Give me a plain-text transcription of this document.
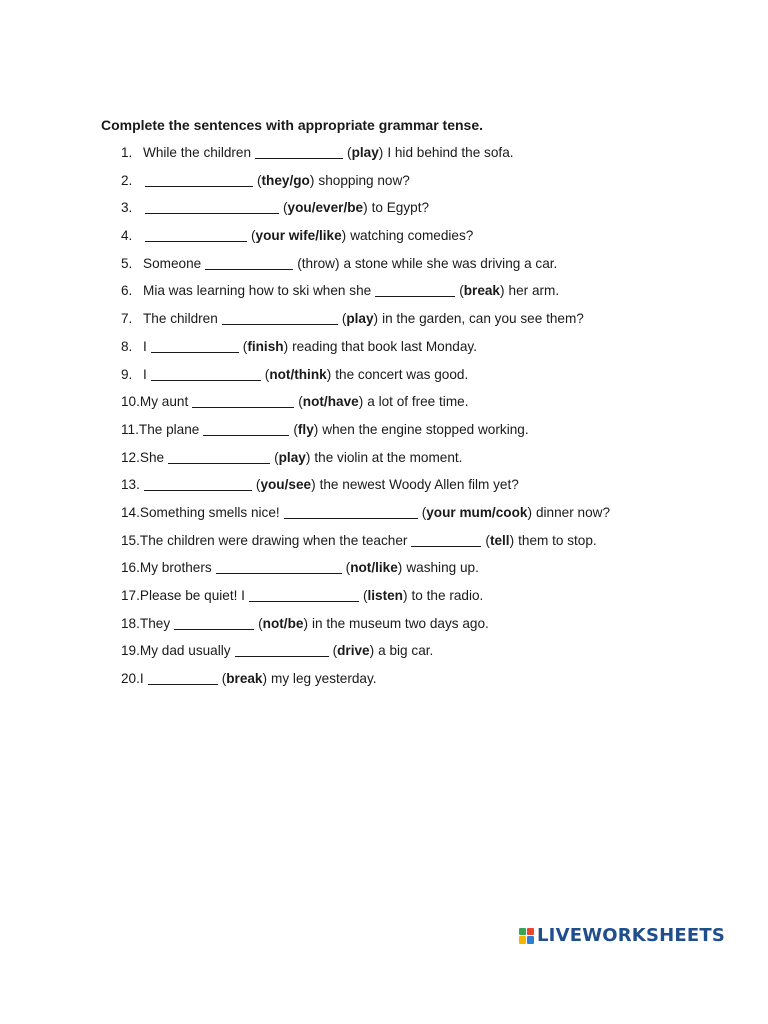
Complete the sentences with appropriate grammar tense.
1. While the children	(play) I hid behind the sofa.
2.	(they/go) shopping now?
3.	(you/ever/be) to Egypt?
4.	(your wife/like) watching comedies?
5. Someone	(throw) a stone while she was driving a car.
6. Mia was learning how to ski when she	(break) her arm.
7. The children	(play) in the garden, can you see them?
8. I	(finish) reading that book last Monday.
9. I	(not/think) the concert was good.
10. My aunt	(not/have) a lot of free time.
11. The plane	(fly) when the engine stopped working.
12. She	(play) the violin at the moment.
13.	(you/see) the newest Woody Allen film yet?
14. Something smells nice!	(your mum/cook) dinner now?
15. The children were drawing when the teacher	(tell) them to stop.
16. My brothers	(not/like) washing up.
17. Please be quiet! I	(listen) to the radio.
18. They	(not/be) in the museum two days ago.
19. My dad usually	(drive) a big car.
20. I	(break) my leg yesterday.
LIVEWORKSHEETS
